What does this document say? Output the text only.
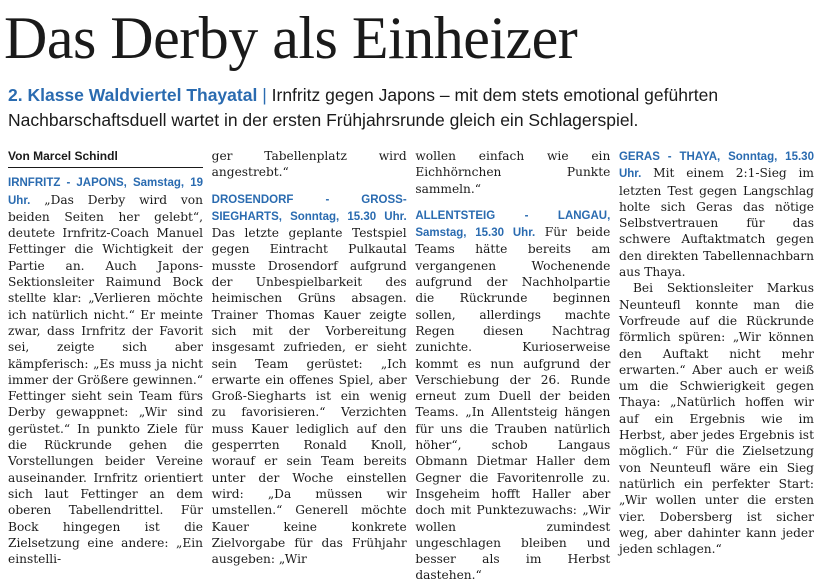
Das Derby als Einheizer
2. Klasse Waldviertel Thayatal | Irnfritz gegen Japons – mit dem stets emotional geführten Nachbarschaftsduell wartet in der ersten Frühjahrsrunde gleich ein Schlagerspiel.
Von Marcel Schindl

IRNFRITZ - JAPONS, Samstag, 19 Uhr. „Das Derby wird von beiden Seiten her gelebt“, deutete Irnfritz-Coach Manuel Fettinger die Wichtigkeit der Partie an. Auch Japons-Sektionsleiter Raimund Bock stellte klar: „Verlieren möchte ich natürlich nicht.“ Er meinte zwar, dass Irnfritz der Favorit sei, zeigte sich aber kämpferisch: „Es muss ja nicht immer der Größere gewinnen.“ Fettinger sieht sein Team fürs Derby gewappnet: „Wir sind gerüstet.“ In punkto Ziele für die Rückrunde gehen die Vorstellungen beider Vereine auseinander. Irnfritz orientiert sich laut Fettinger an dem oberen Tabellendrittel. Für Bock hingegen ist die Zielsetzung eine andere: „Ein einstelli-

ger Tabellenplatz wird angestrebt.“

DROSENDORF - GROSS-SIEGHARTS, Sonntag, 15.30 Uhr. Das letzte geplante Testspiel gegen Eintracht Pulkautal musste Drosendorf aufgrund der Unbespielbarkeit des heimischen Grüns absagen. Trainer Thomas Kauer zeigte sich mit der Vorbereitung insgesamt zufrieden, er sieht sein Team gerüstet: „Ich erwarte ein offenes Spiel, aber Groß-Siegharts ist ein wenig zu favorisieren.“ Verzichten muss Kauer lediglich auf den gesperrten Ronald Knoll, worauf er sein Team bereits unter der Woche einstellen wird: „Da müssen wir umstellen.“ Generell möchte Kauer keine konkrete Zielvorgabe für das Frühjahr ausgeben: „Wir

wollen einfach wie ein Eichhörnchen Punkte sammeln.“

ALLENTSTEIG - LANGAU, Samstag, 15.30 Uhr. Für beide Teams hätte bereits am vergangenen Wochenende aufgrund der Nachholpartie die Rückrunde beginnen sollen, allerdings machte Regen diesen Nachtrag zunichte. Kurioserweise kommt es nun aufgrund der Verschiebung der 26. Runde erneut zum Duell der beiden Teams. „In Allentsteig hängen für uns die Trauben natürlich höher“, schob Langaus Obmann Dietmar Haller dem Gegner die Favoritenrolle zu. Insgeheim hofft Haller aber doch mit Punktezuwachs: „Wir wollen zumindest ungeschlagen bleiben und besser als im Herbst dastehen.“

GERAS - THAYA, Sonntag, 15.30 Uhr. Mit einem 2:1-Sieg im letzten Test gegen Langschlag holte sich Geras das nötige Selbstvertrauen für das schwere Auftaktmatch gegen den direkten Tabellennachbarn aus Thaya.

Bei Sektionsleiter Markus Neunteufl konnte man die Vorfreude auf die Rückrunde förmlich spüren: „Wir können den Auftakt nicht mehr erwarten.“ Aber auch er weiß um die Schwierigkeit gegen Thaya: „Natürlich hoffen wir auf ein Ergebnis wie im Herbst, aber jedes Ergebnis ist möglich.“ Für die Zielsetzung von Neunteufl wäre ein Sieg natürlich ein perfekter Start: „Wir wollen unter die ersten vier. Dobersberg ist sicher weg, aber dahinter kann jeder jeden schlagen.“
